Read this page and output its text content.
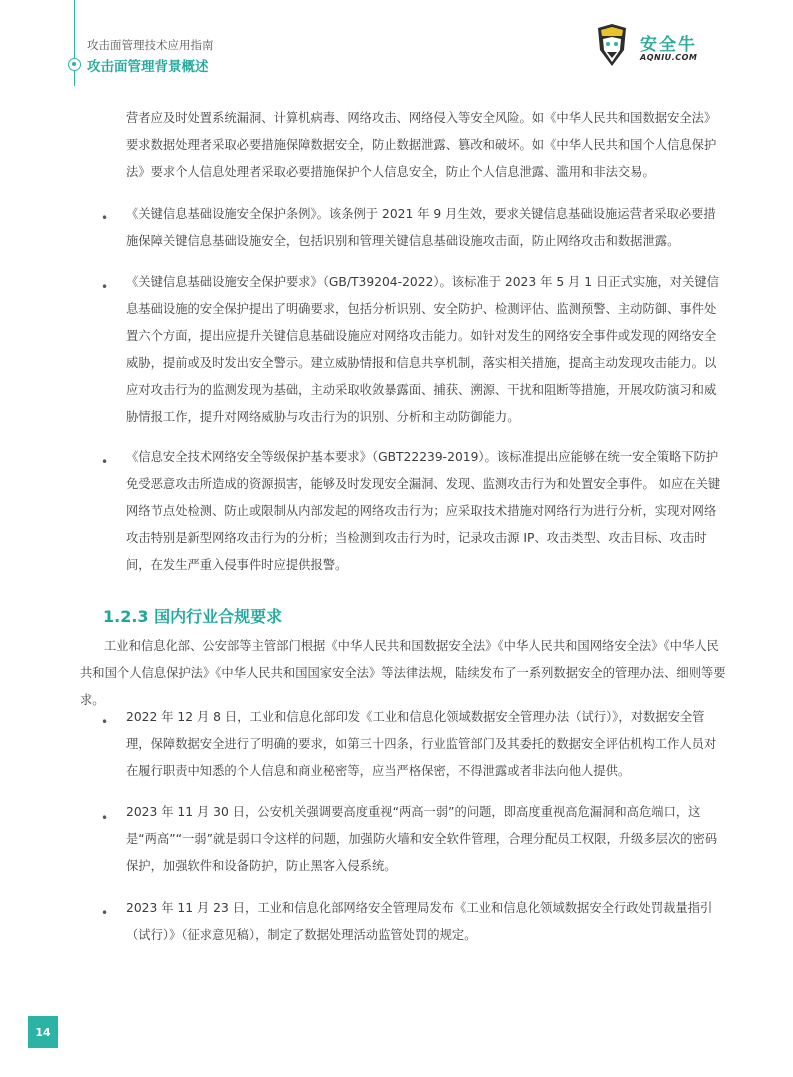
攻击面管理技术应用指南
攻击面管理背景概述
安全牛
AQNIU.COM
营者应及时处置系统漏洞、计算机病毒、网络攻击、网络侵入等安全风险。如《中华人民共和国数据安全法》要求数据处理者采取必要措施保障数据安全，防止数据泄露、篡改和破坏。如《中华人民共和国个人信息保护法》要求个人信息处理者采取必要措施保护个人信息安全，防止个人信息泄露、滥用和非法交易。
• 《关键信息基础设施安全保护条例》。该条例于 2021 年 9 月生效，要求关键信息基础设施运营者采取必要措施保障关键信息基础设施安全，包括识别和管理关键信息基础设施攻击面，防止网络攻击和数据泄露。
• 《关键信息基础设施安全保护要求》（GB/T39204-2022）。该标准于 2023 年 5 月 1 日正式实施，对关键信息基础设施的安全保护提出了明确要求，包括分析识别、安全防护、检测评估、监测预警、主动防御、事件处置六个方面，提出应提升关键信息基础设施应对网络攻击能力。如针对发生的网络安全事件或发现的网络安全威胁，提前或及时发出安全警示。建立威胁情报和信息共享机制，落实相关措施，提高主动发现攻击能力。以应对攻击行为的监测发现为基础，主动采取收敛暴露面、捕获、溯源、干扰和阻断等措施，开展攻防演习和威胁情报工作，提升对网络威胁与攻击行为的识别、分析和主动防御能力。
• 《信息安全技术网络安全等级保护基本要求》（GBT22239-2019）。该标准提出应能够在统一安全策略下防护免受恶意攻击所造成的资源损害，能够及时发现安全漏洞、发现、监测攻击行为和处置安全事件。 如应在关键网络节点处检测、防止或限制从内部发起的网络攻击行为；应采取技术措施对网络行为进行分析，实现对网络攻击特别是新型网络攻击行为的分析；当检测到攻击行为时，记录攻击源 IP、攻击类型、攻击目标、攻击时间，在发生严重入侵事件时应提供报警。
1.2.3 国内行业合规要求
工业和信息化部、公安部等主管部门根据《中华人民共和国数据安全法》《中华人民共和国网络安全法》《中华人民共和国个人信息保护法》《中华人民共和国国家安全法》等法律法规，陆续发布了一系列数据安全的管理办法、细则等要求。
• 2022 年 12 月 8 日，工业和信息化部印发《工业和信息化领域数据安全管理办法（试行）》，对数据安全管理，保障数据安全进行了明确的要求，如第三十四条，行业监管部门及其委托的数据安全评估机构工作人员对在履行职责中知悉的个人信息和商业秘密等，应当严格保密，不得泄露或者非法向他人提供。
• 2023 年 11 月 30 日，公安机关强调要高度重视“两高一弱”的问题，即高度重视高危漏洞和高危端口，这是“两高”“一弱”就是弱口令这样的问题，加强防火墙和安全软件管理，合理分配员工权限，升级多层次的密码保护，加强软件和设备防护，防止黑客入侵系统。
• 2023 年 11 月 23 日，工业和信息化部网络安全管理局发布《工业和信息化领域数据安全行政处罚裁量指引（试行）》（征求意见稿），制定了数据处理活动监管处罚的规定。
14
